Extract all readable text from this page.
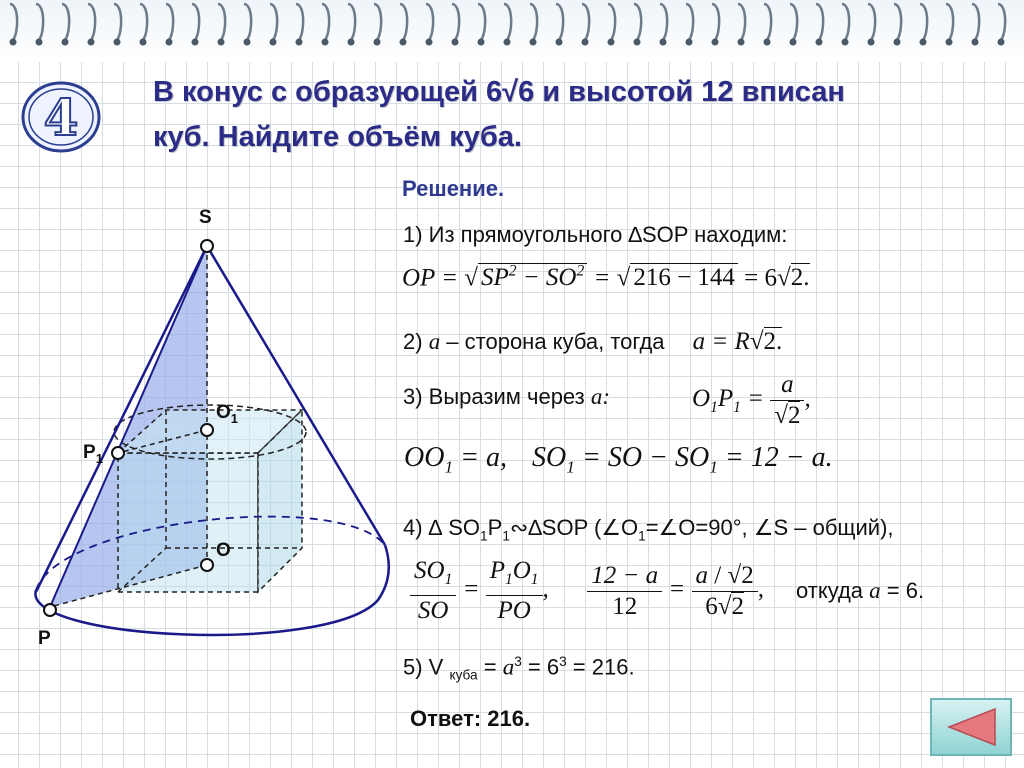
4	В конус с образующей 6√6 и высотой 12 вписан
куб. Найдите объём куба.
Решение.
1) Из прямоугольного ∆SOP находим:
OP = √ $SP^2 - SO^2$ = √ 216 − 144 = 6√2.
2) a – сторона куба, тогда a = R√2.
3) Выразим через a:	$O_1P_1 = \frac{a}{√2}$ ,
$OO_1 = a$, $SO_1$ = SO − $SO_1 = 12 - a$.
4) ∆ $SO_1P_1∾\Delta SOP$ ($\angle O_1=\angle O=90^\circ$, ∠S – общий),
$\frac{SO_1}{SO} = \frac{P_1O_1}{PO}$ , $\frac{12 - a}{12} = \frac{a / √2}{6√2}$ , откуда a = 6.
5) V $_{куба} = a^3 = 6^3 = 216$.
Ответ: 216.
S
$O_1$
$P_1$
O
P
